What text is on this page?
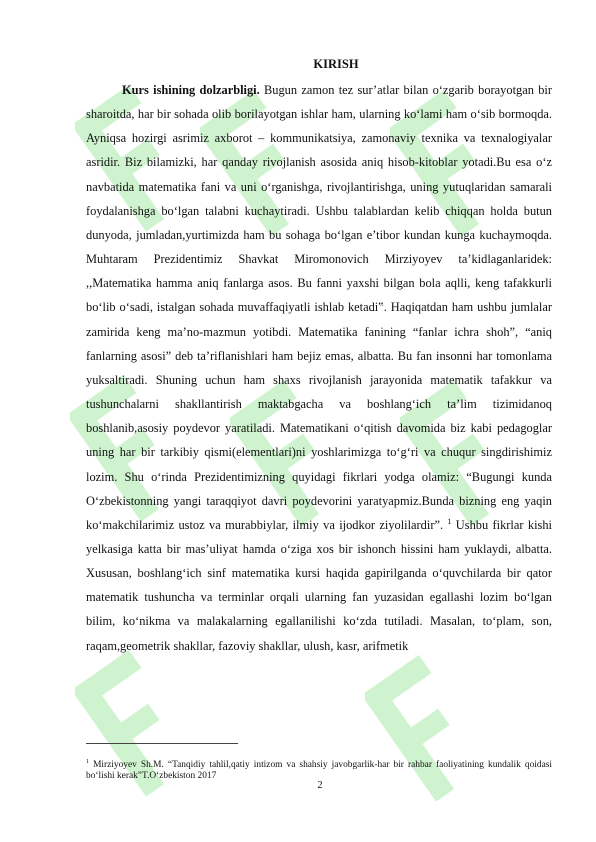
KIRISH

Kurs ishining dolzarbligi. Bugun zamon tez sur’atlar bilan o‘zgarib borayotgan bir sharoitda, har bir sohada olib borilayotgan ishlar ham, ularning ko‘lami ham o‘sib bormoqda. Ayniqsa hozirgi asrimiz axborot – kommunikatsiya, zamonaviy texnika va texnalogiyalar asridir. Biz bilamizki, har qanday rivojlanish asosida aniq hisob-kitoblar yotadi.Bu esa o‘z navbatida matematika fani va uni o‘rganishga, rivojlantirishga, uning yutuqlaridan samarali foydalanishga bo‘lgan talabni kuchaytiradi. Ushbu talablardan kelib chiqqan holda butun dunyoda, jumladan,yurtimizda ham bu sohaga bo‘lgan e’tibor kundan kunga kuchaymoqda. Muhtaram Prezidentimiz Shavkat Miromonovich Mirziyoyev ta’kidlaganlaridek: ,,Matematika hamma aniq fanlarga asos. Bu fanni yaxshi bilgan bola aqlli, keng tafakkurli bo‘lib o‘sadi, istalgan sohada muvaffaqiyatli ishlab ketadi‟. Haqiqatdan ham ushbu jumlalar zamirida keng ma’no-mazmun yotibdi. Matematika fanining “fanlar ichra shoh”, “aniq fanlarning asosi” deb ta’riflanishlari ham bejiz emas, albatta. Bu fan insonni har tomonlama yuksaltiradi. Shuning uchun ham shaxs rivojlanish jarayonida matematik tafakkur va tushunchalarni shakllantirish maktabgacha va boshlang‘ich ta’lim tizimidanoq boshlanib,asosiy poydevor yaratiladi. Matematikani o‘qitish davomida biz kabi pedagoglar uning har bir tarkibiy qismi(elementlari)ni yoshlarimizga to‘g‘ri va chuqur singdirishimiz lozim. Shu o‘rinda Prezidentimizning quyidagi fikrlari yodga olamiz: “Bugungi kunda O‘zbekistonning yangi taraqqiyot davri poydevorini yaratyapmiz.Bunda bizning eng yaqin ko‘makchilarimiz ustoz va murabbiylar, ilmiy va ijodkor ziyolilardir”. $^1$ Ushbu fikrlar kishi yelkasiga katta bir mas’uliyat hamda o‘ziga xos bir ishonch hissini ham yuklaydi, albatta. Xususan, boshlang‘ich sinf matematika kursi haqida gapirilganda o‘quvchilarda bir qator matematik tushuncha va terminlar orqali ularning fan yuzasidan egallashi lozim bo‘lgan bilim, ko‘nikma va malakalarning egallanilishi ko‘zda tutiladi. Masalan, to‘plam, son, raqam,geometrik shakllar, fazoviy shakllar, ulush, kasr, arifmetik

$^1$ Mirziyoyev Sh.M. “Tanqidiy tahlil,qatiy intizom va shahsiy javobgarlik-har bir rahbar faoliyatining kundalik qoidasi bo‘lishi kerak”T.O‘zbekiston 2017
2
